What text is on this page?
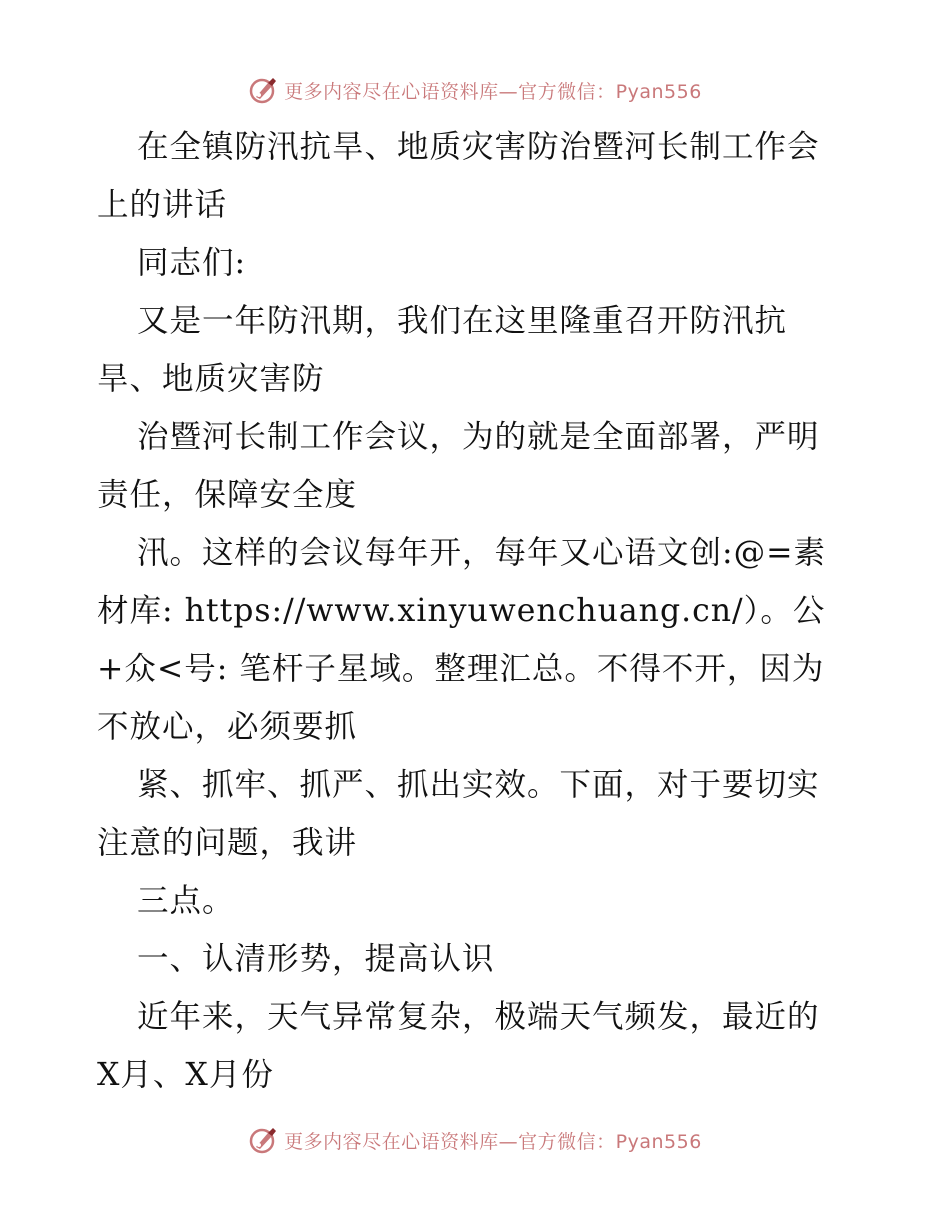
更多内容尽在心语资料库—官方微信：Pyan556
在全镇防汛抗旱、地质灾害防治暨河长制工作会
上的讲话
同志们:
又是一年防汛期，我们在这里隆重召开防汛抗
旱、地质灾害防
治暨河长制工作会议，为的就是全面部署，严明
责任，保障安全度
汛。这样的会议每年开，每年又心语文创:@=素
材库: https://www.xinyuwenchuang.cn/）。公
+众<号: 笔杆子星域。整理汇总。不得不开，因为
不放心，必须要抓
紧、抓牢、抓严、抓出实效。下面，对于要切实
注意的问题，我讲
三点。
一、认清形势，提高认识
近年来，天气异常复杂，极端天气频发，最近的
X月、X月份
更多内容尽在心语资料库—官方微信：Pyan556
